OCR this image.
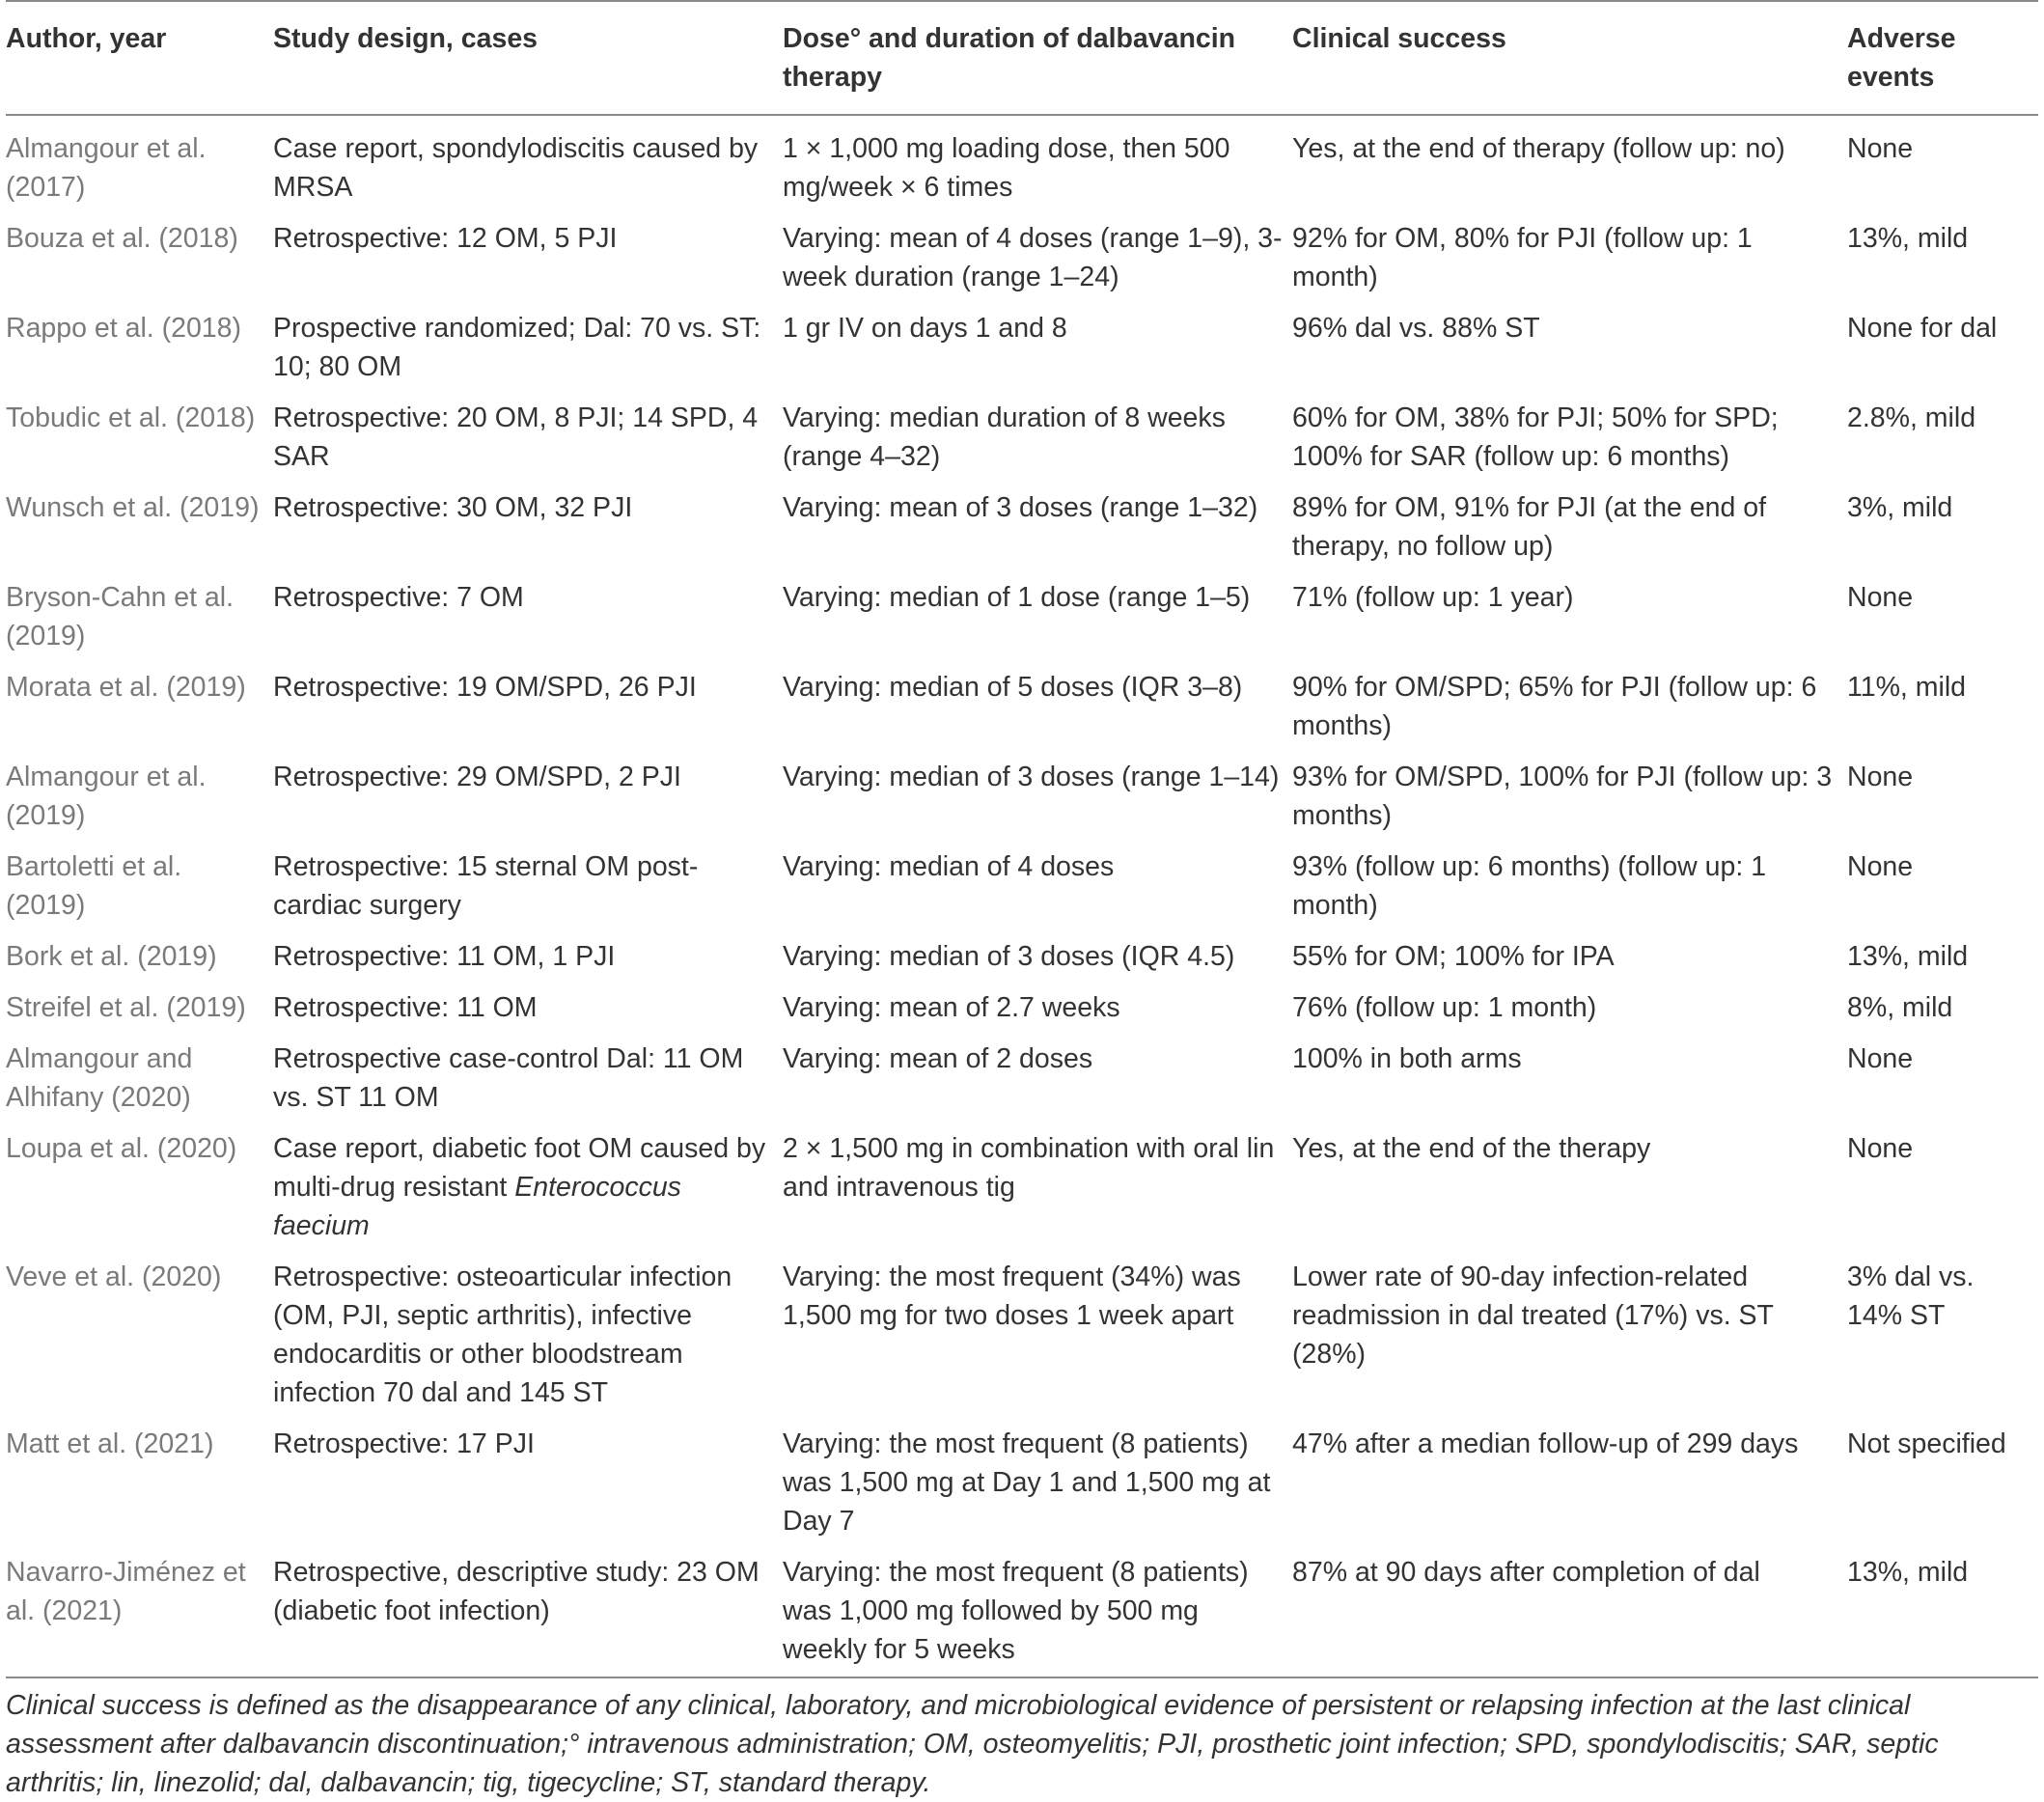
Author, year	Study design, cases	Dose° and duration of dalbavancin therapy	Clinical success	Adverse events
Almangour et al. (2017)	Case report, spondylodiscitis caused by MRSA	1 × 1,000 mg loading dose, then 500 mg/week × 6 times	Yes, at the end of therapy (follow up: no)	None
Bouza et al. (2018)	Retrospective: 12 OM, 5 PJI	Varying: mean of 4 doses (range 1–9), 3-week duration (range 1–24)	92% for OM, 80% for PJI (follow up: 1 month)	13%, mild
Rappo et al. (2018)	Prospective randomized; Dal: 70 vs. ST: 10; 80 OM	1 gr IV on days 1 and 8	96% dal vs. 88% ST	None for dal
Tobudic et al. (2018)	Retrospective: 20 OM, 8 PJI; 14 SPD, 4 SAR	Varying: median duration of 8 weeks (range 4–32)	60% for OM, 38% for PJI; 50% for SPD; 100% for SAR (follow up: 6 months)	2.8%, mild
Wunsch et al. (2019)	Retrospective: 30 OM, 32 PJI	Varying: mean of 3 doses (range 1–32)	89% for OM, 91% for PJI (at the end of therapy, no follow up)	3%, mild
Bryson-Cahn et al. (2019)	Retrospective: 7 OM	Varying: median of 1 dose (range 1–5)	71% (follow up: 1 year)	None
Morata et al. (2019)	Retrospective: 19 OM/SPD, 26 PJI	Varying: median of 5 doses (IQR 3–8)	90% for OM/SPD; 65% for PJI (follow up: 6 months)	11%, mild
Almangour et al. (2019)	Retrospective: 29 OM/SPD, 2 PJI	Varying: median of 3 doses (range 1–14)	93% for OM/SPD, 100% for PJI (follow up: 3 months)	None
Bartoletti et al. (2019)	Retrospective: 15 sternal OM post-cardiac surgery	Varying: median of 4 doses	93% (follow up: 6 months) (follow up: 1 month)	None
Bork et al. (2019)	Retrospective: 11 OM, 1 PJI	Varying: median of 3 doses (IQR 4.5)	55% for OM; 100% for IPA	13%, mild
Streifel et al. (2019)	Retrospective: 11 OM	Varying: mean of 2.7 weeks	76% (follow up: 1 month)	8%, mild
Almangour and Alhifany (2020)	Retrospective case-control Dal: 11 OM vs. ST 11 OM	Varying: mean of 2 doses	100% in both arms	None
Loupa et al. (2020)	Case report, diabetic foot OM caused by multi-drug resistant Enterococcus faecium	2 × 1,500 mg in combination with oral lin and intravenous tig	Yes, at the end of the therapy	None
Veve et al. (2020)	Retrospective: osteoarticular infection (OM, PJI, septic arthritis), infective endocarditis or other bloodstream infection 70 dal and 145 ST	Varying: the most frequent (34%) was 1,500 mg for two doses 1 week apart	Lower rate of 90-day infection-related readmission in dal treated (17%) vs. ST (28%)	3% dal vs. 14% ST
Matt et al. (2021)	Retrospective: 17 PJI	Varying: the most frequent (8 patients) was 1,500 mg at Day 1 and 1,500 mg at Day 7	47% after a median follow-up of 299 days	Not specified
Navarro-Jiménez et al. (2021)	Retrospective, descriptive study: 23 OM (diabetic foot infection)	Varying: the most frequent (8 patients) was 1,000 mg followed by 500 mg weekly for 5 weeks	87% at 90 days after completion of dal	13%, mild
Clinical success is defined as the disappearance of any clinical, laboratory, and microbiological evidence of persistent or relapsing infection at the last clinical assessment after dalbavancin discontinuation;° intravenous administration; OM, osteomyelitis; PJI, prosthetic joint infection; SPD, spondylodiscitis; SAR, septic arthritis; lin, linezolid; dal, dalbavancin; tig, tigecycline; ST, standard therapy.
